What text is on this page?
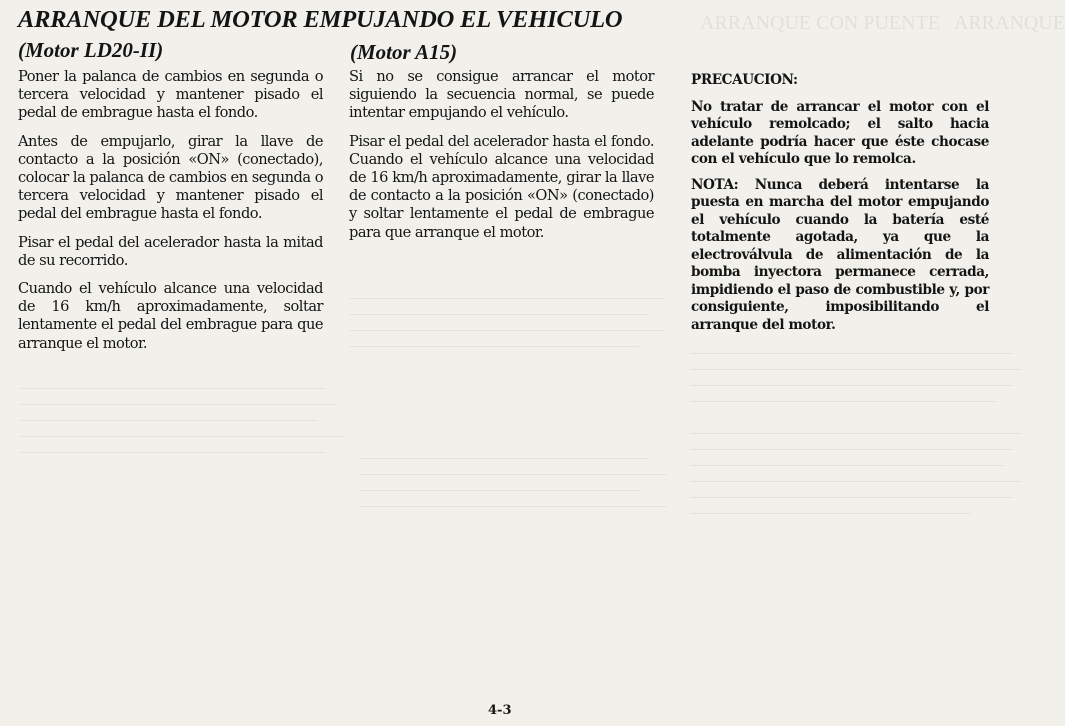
ARRANQUE CON PUENTE   ARRANQUE

─────────────────────────────────────
───────────────────────────────────
─────────────────────────────────────
──────────────────────────────────	──────────────────────────────────────
───────────────────────────────────────
──────────────────────────────────────
────────────────────────────────────

───────────────────────────────────────
──────────────────────────────────────
─────────────────────────────────────
───────────────────────────────────────
──────────────────────────────────────
─────────────────────────────────
──────────────────────────────────
────────────────────────────────────
─────────────────────────────────
────────────────────────────────────
────────────────────────────────────
─────────────────────────────────────
───────────────────────────────────
──────────────────────────────────────
────────────────────────────────────
ARRANQUE DEL MOTOR EMPUJANDO EL VEHICULO
(Motor LD20-II)	(Motor A15)

Poner la palanca de cambios en segunda o tercera velocidad y mantener pisado el pedal de embrague hasta el fondo.

Antes de empujarlo, girar la llave de contacto a la posición «ON» (conectado), colocar la palanca de cambios en segunda o tercera velocidad y mantener pisado el pedal del embrague hasta el fondo.

Pisar el pedal del acelerador hasta la mitad de su recorrido.

Cuando el vehículo alcance una velocidad de 16 km/h aproximadamente, soltar lentamente el pedal del embrague para que arranque el motor.

Si no se consigue arrancar el motor siguiendo la secuencia normal, se puede intentar empujando el vehículo.

Pisar el pedal del acelerador hasta el fondo. Cuando el vehículo alcance una velocidad de 16 km/h aproximadamente, girar la llave de contacto a la posición «ON» (conectado) y soltar lentamente el pedal de embrague para que arranque el motor.

PRECAUCION:

No tratar de arrancar el motor con el vehículo remolcado; el salto hacia adelante podría hacer que éste chocase con el vehículo que lo remolca.

NOTA: Nunca deberá intentarse la puesta en marcha del motor empujando el vehículo cuando la batería esté totalmente agotada, ya que la electroválvula de alimentación de la bomba inyectora permanece cerrada, impidiendo el paso de combustible y, por consiguiente, imposibilitando el arranque del motor.

4-3
